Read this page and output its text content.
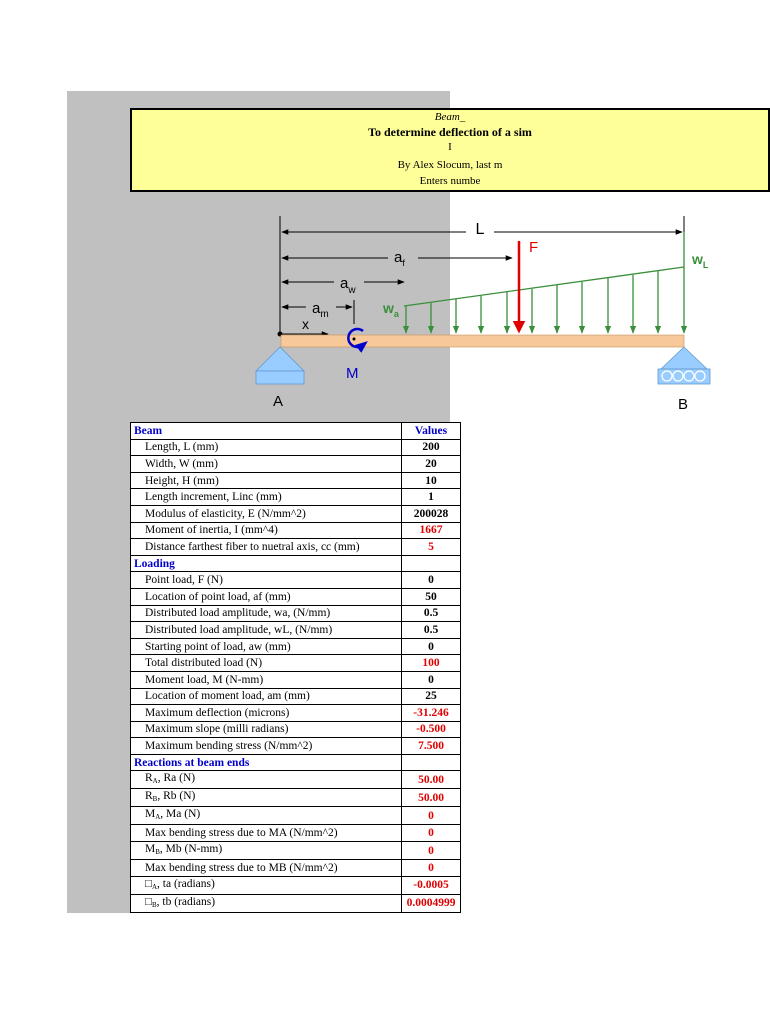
Beam_
To determine deflection of a sim
I
By Alex Slocum, last m
Enters numbe
L
$a_f$
$a_w$
$a_m$
x
$w_a$
$w_L$
F
M
A	B
Beam	Values
Length, L (mm)	200
Width, W (mm)	20
Height, H (mm)	10
Length increment, Linc (mm)	1
Modulus of elasticity, E (N/mm^2)	200028
Moment of inertia, I (mm^4)	1667
Distance farthest fiber to nuetral axis, cc (mm)	5
Loading	
Point load, F (N)	0
Location of point load, af (mm)	50
Distributed load amplitude, wa, (N/mm)	0.5
Distributed load amplitude, wL, (N/mm)	0.5
Starting point of load, aw (mm)	0
Total distributed load (N)	100
Moment load, M (N-mm)	0
Location of moment load, am (mm)	25
Maximum deflection (microns)	-31.246
Maximum slope (milli radians)	-0.500
Maximum bending stress (N/mm^2)	7.500
Reactions at beam ends	
$R_A$, Ra (N)	50.00
$R_B$, Rb (N)	50.00
$M_A$, Ma (N)	0
Max bending stress due to MA (N/mm^2)	0
$M_B$, Mb (N-mm)	0
Max bending stress due to MB (N/mm^2)	0
$□_A$, ta (radians)	-0.0005
$□_B$, tb (radians)	0.0004999
